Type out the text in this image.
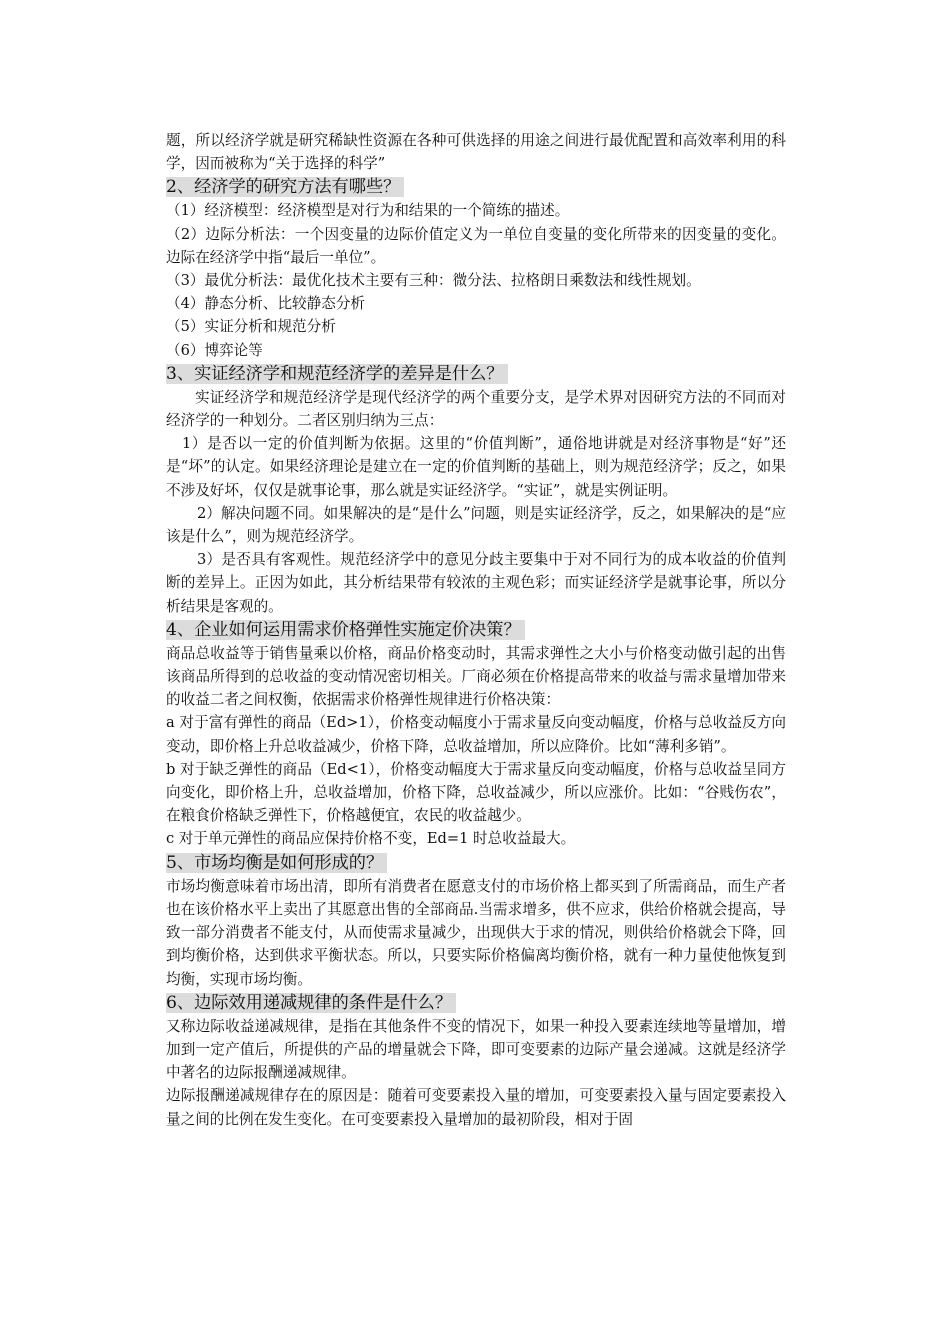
题，所以经济学就是研究稀缺性资源在各种可供选择的用途之间进行最优配置和高效率利用的科学，因而被称为“关于选择的科学”

2、经济学的研究方法有哪些？

（1）经济模型：经济模型是对行为和结果的一个简练的描述。

（2）边际分析法：一个因变量的边际价值定义为一单位自变量的变化所带来的因变量的变化。边际在经济学中指“最后一单位”。

（3）最优分析法：最优化技术主要有三种：微分法、拉格朗日乘数法和线性规划。

（4）静态分析、比较静态分析

（5）实证分析和规范分析

（6）博弈论等

3、实证经济学和规范经济学的差异是什么？

实证经济学和规范经济学是现代经济学的两个重要分支，是学术界对因研究方法的不同而对经济学的一种划分。二者区别归纳为三点：

1）是否以一定的价值判断为依据。这里的“价值判断”，通俗地讲就是对经济事物是“好”还是“坏”的认定。如果经济理论是建立在一定的价值判断的基础上，则为规范经济学；反之，如果不涉及好坏，仅仅是就事论事，那么就是实证经济学。“实证”，就是实例证明。

2）解决问题不同。如果解决的是“是什么”问题，则是实证经济学，反之，如果解决的是“应该是什么”，则为规范经济学。

3）是否具有客观性。规范经济学中的意见分歧主要集中于对不同行为的成本收益的价值判断的差异上。正因为如此，其分析结果带有较浓的主观色彩；而实证经济学是就事论事，所以分析结果是客观的。

4、企业如何运用需求价格弹性实施定价决策？

商品总收益等于销售量乘以价格，商品价格变动时，其需求弹性之大小与价格变动做引起的出售该商品所得到的总收益的变动情况密切相关。厂商必须在价格提高带来的收益与需求量增加带来的收益二者之间权衡，依据需求价格弹性规律进行价格决策：

a 对于富有弹性的商品（Ed>1），价格变动幅度小于需求量反向变动幅度，价格与总收益反方向变动，即价格上升总收益减少，价格下降，总收益增加，所以应降价。比如“薄利多销”。

b 对于缺乏弹性的商品（Ed<1），价格变动幅度大于需求量反向变动幅度，价格与总收益呈同方向变化，即价格上升，总收益增加，价格下降，总收益减少，所以应涨价。比如：“谷贱伤农”，在粮食价格缺乏弹性下，价格越便宜，农民的收益越少。

c 对于单元弹性的商品应保持价格不变，Ed=1 时总收益最大。

5、市场均衡是如何形成的？

市场均衡意味着市场出清，即所有消费者在愿意支付的市场价格上都买到了所需商品，而生产者也在该价格水平上卖出了其愿意出售的全部商品.当需求增多，供不应求，供给价格就会提高，导致一部分消费者不能支付，从而使需求量减少，出现供大于求的情况，则供给价格就会下降，回到均衡价格，达到供求平衡状态。所以，只要实际价格偏离均衡价格，就有一种力量使他恢复到均衡，实现市场均衡。

6、边际效用递减规律的条件是什么？

又称边际收益递减规律，是指在其他条件不变的情况下，如果一种投入要素连续地等量增加，增加到一定产值后，所提供的产品的增量就会下降，即可变要素的边际产量会递减。这就是经济学中著名的边际报酬递减规律。

边际报酬递减规律存在的原因是：随着可变要素投入量的增加，可变要素投入量与固定要素投入量之间的比例在发生变化。在可变要素投入量增加的最初阶段，相对于固
